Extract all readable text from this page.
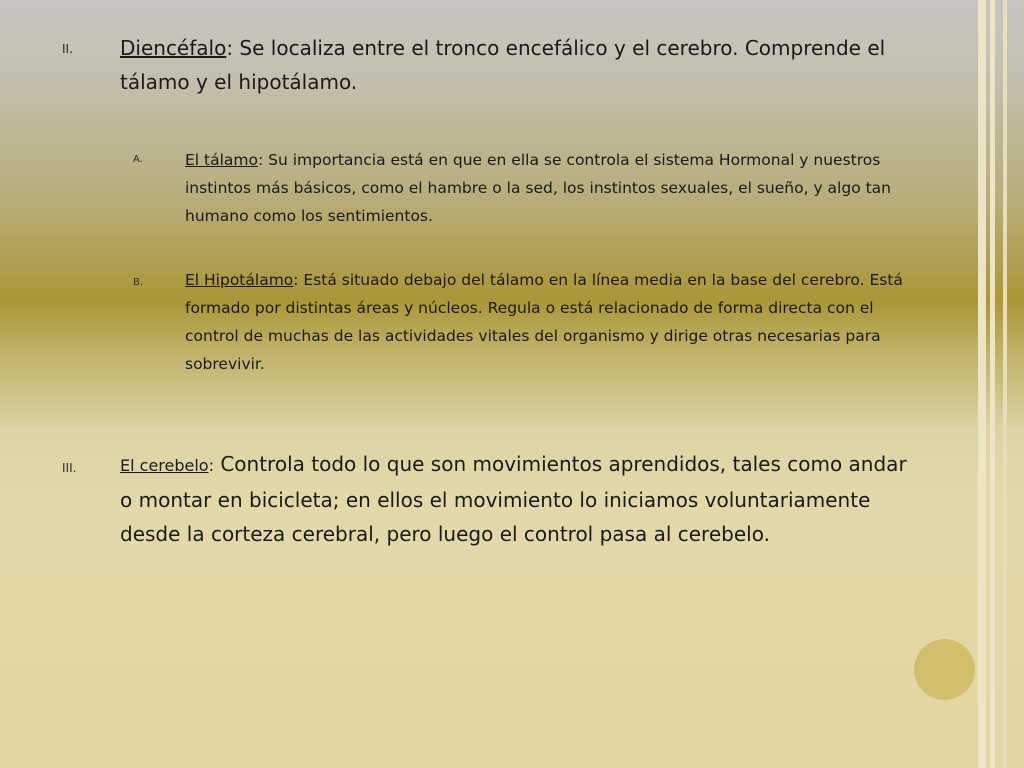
II. Diencéfalo: Se localiza entre el tronco encefálico y el cerebro. Comprende el tálamo y el hipotálamo.
A.	El tálamo: Su importancia está en que en ella se controla el sistema Hormonal y nuestros instintos más básicos, como el hambre o la sed, los instintos sexuales, el sueño, y algo tan humano como los sentimientos.
B.	El Hipotálamo: Está situado debajo del tálamo en la línea media en la base del cerebro. Está formado por distintas áreas y núcleos. Regula o está relacionado de forma directa con el control de muchas de las actividades vitales del organismo y dirige otras necesarias para sobrevivir.
III.	El cerebelo: Controla todo lo que son movimientos aprendidos, tales como andar o montar en bicicleta; en ellos el movimiento lo iniciamos voluntariamente desde la corteza cerebral, pero luego el control pasa al cerebelo.
